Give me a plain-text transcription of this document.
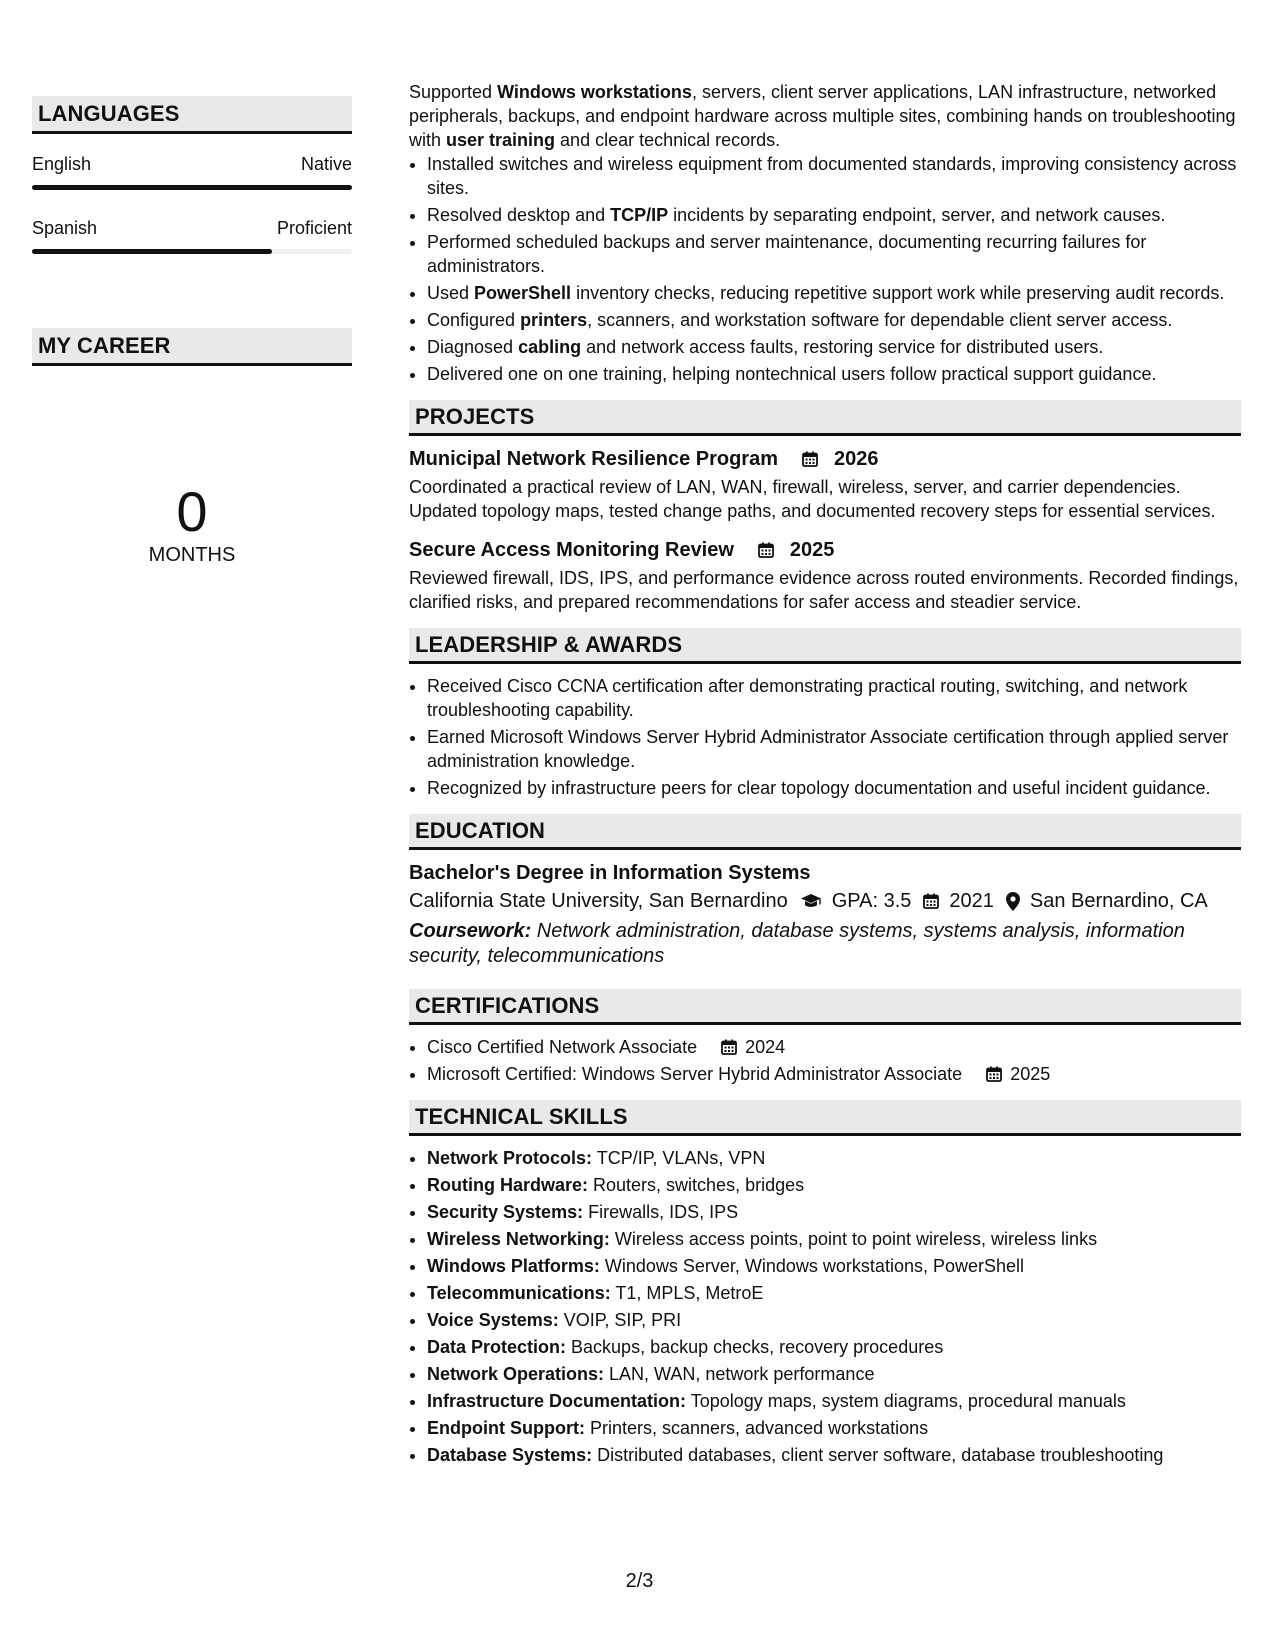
LANGUAGES
English	Native
Spanish	Proficient
MY CAREER
0
MONTHS

Supported Windows workstations, servers, client server applications, LAN infrastructure, networked peripherals, backups, and endpoint hardware across multiple sites, combining hands on troubleshooting with user training and clear technical records.

• Installed switches and wireless equipment from documented standards, improving consistency across sites.
• Resolved desktop and TCP/IP incidents by separating endpoint, server, and network causes.
• Performed scheduled backups and server maintenance, documenting recurring failures for administrators.
• Used PowerShell inventory checks, reducing repetitive support work while preserving audit records.
• Configured printers, scanners, and workstation software for dependable client server access.
• Diagnosed cabling and network access faults, restoring service for distributed users.
• Delivered one on one training, helping nontechnical users follow practical support guidance.
PROJECTS
Municipal Network Resilience Program	2026
Coordinated a practical review of LAN, WAN, firewall, wireless, server, and carrier dependencies. Updated topology maps, tested change paths, and documented recovery steps for essential services.
Secure Access Monitoring Review	2025
Reviewed firewall, IDS, IPS, and performance evidence across routed environments. Recorded findings, clarified risks, and prepared recommendations for safer access and steadier service.
LEADERSHIP & AWARDS
• Received Cisco CCNA certification after demonstrating practical routing, switching, and network troubleshooting capability.
• Earned Microsoft Windows Server Hybrid Administrator Associate certification through applied server administration knowledge.
• Recognized by infrastructure peers for clear topology documentation and useful incident guidance.
EDUCATION
Bachelor's Degree in Information Systems
California State University, San Bernardino GPA: 3.5 2021 San Bernardino, CA
Coursework: Network administration, database systems, systems analysis, information security, telecommunications
CERTIFICATIONS
• Cisco Certified Network Associate	2024
• Microsoft Certified: Windows Server Hybrid Administrator Associate	2025
TECHNICAL SKILLS
• Network Protocols: TCP/IP, VLANs, VPN
• Routing Hardware: Routers, switches, bridges
• Security Systems: Firewalls, IDS, IPS
• Wireless Networking: Wireless access points, point to point wireless, wireless links
• Windows Platforms: Windows Server, Windows workstations, PowerShell
• Telecommunications: T1, MPLS, MetroE
• Voice Systems: VOIP, SIP, PRI
• Data Protection: Backups, backup checks, recovery procedures
• Network Operations: LAN, WAN, network performance
• Infrastructure Documentation: Topology maps, system diagrams, procedural manuals
• Endpoint Support: Printers, scanners, advanced workstations
• Database Systems: Distributed databases, client server software, database troubleshooting
2/3
